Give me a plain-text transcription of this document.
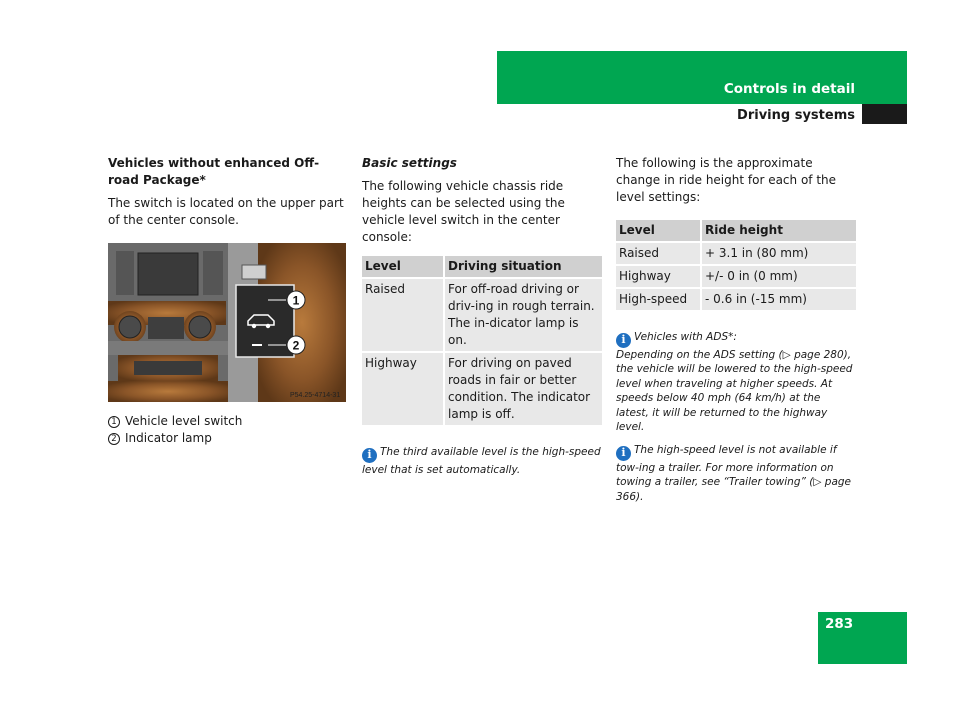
Controls in detail
Driving systems

Vehicles without enhanced Off-road Package*

The switch is located on the upper part of the center console.

1
2
P54.25-4714-31
1 Vehicle level switch
2 Indicator lamp

Basic settings

The following vehicle chassis ride heights can be selected using the vehicle level switch in the center console:

Level	Driving situation
Raised	For off-road driving or driv-ing in rough terrain. The in-dicator lamp is on.
Highway	For driving on paved roads in fair or better condition. The indicator lamp is off.

i The third available level is the high-speed level that is set automatically.

The following is the approximate change in ride height for each of the level settings:

Level	Ride height
Raised	+ 3.1 in (80 mm)
Highway	+/- 0 in (0 mm)
High-speed	- 0.6 in (-15 mm)
i Vehicles with ADS*:
Depending on the ADS setting (▷ page 280), the vehicle will be lowered to the high-speed level when traveling at higher speeds. At speeds below 40 mph (64 km/h) at the latest, it will be returned to the highway level.

i The high-speed level is not available if tow-ing a trailer. For more information on towing a trailer, see “Trailer towing” (▷ page 366).

283
